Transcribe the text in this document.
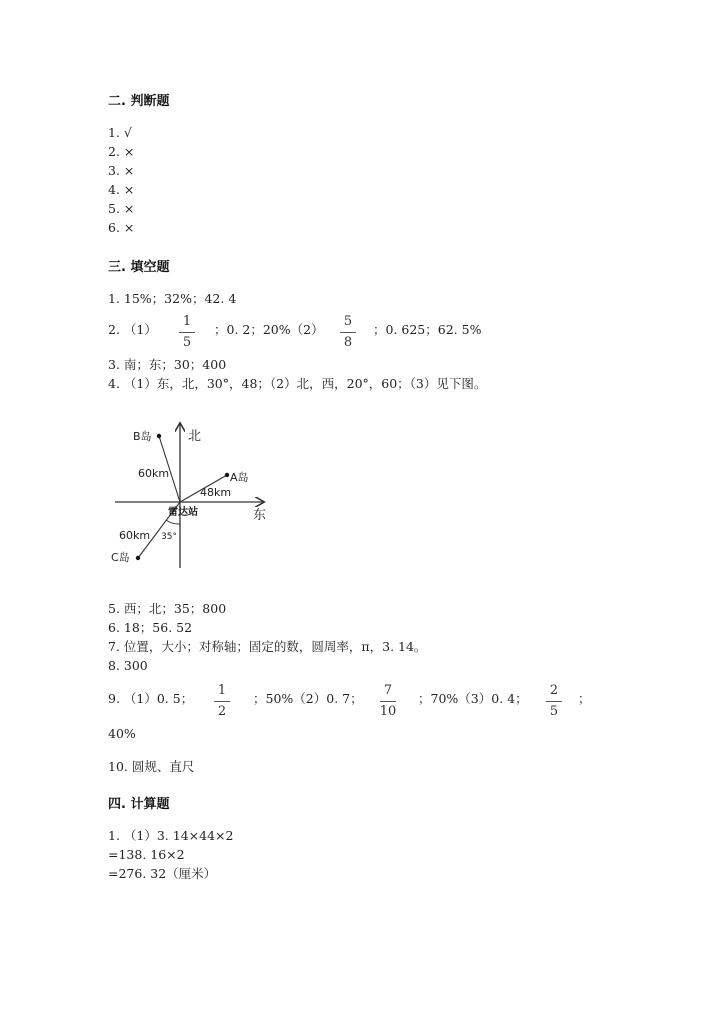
二. 判断题
1. √
2. ×
3. ×
4. ×
5. ×
6. ×
三. 填空题
1. 15%；32%；42. 4
2. （1）
1
5
；0. 2；20%（2）
5
8
；0. 625；62. 5%
3. 南；东；30；400
4. （1）东，北，30°，48；（2）北，西，20°，60；（3）见下图。
北
东
B岛
A岛
C岛
60km
48km
60km 35°
雷达站
5. 西；北；35；800
6. 18；56. 52
7. 位置，大小；对称轴；固定的数，圆周率，π，3. 14。
8. 300
9. （1）0. 5；
1
2
；50%（2）0. 7；
7
10
；70%（3）0. 4；
2
5
；
40%
10. 圆规、直尺
四. 计算题
1. （1）3. 14×44×2
=138. 16×2
=276. 32（厘米）
